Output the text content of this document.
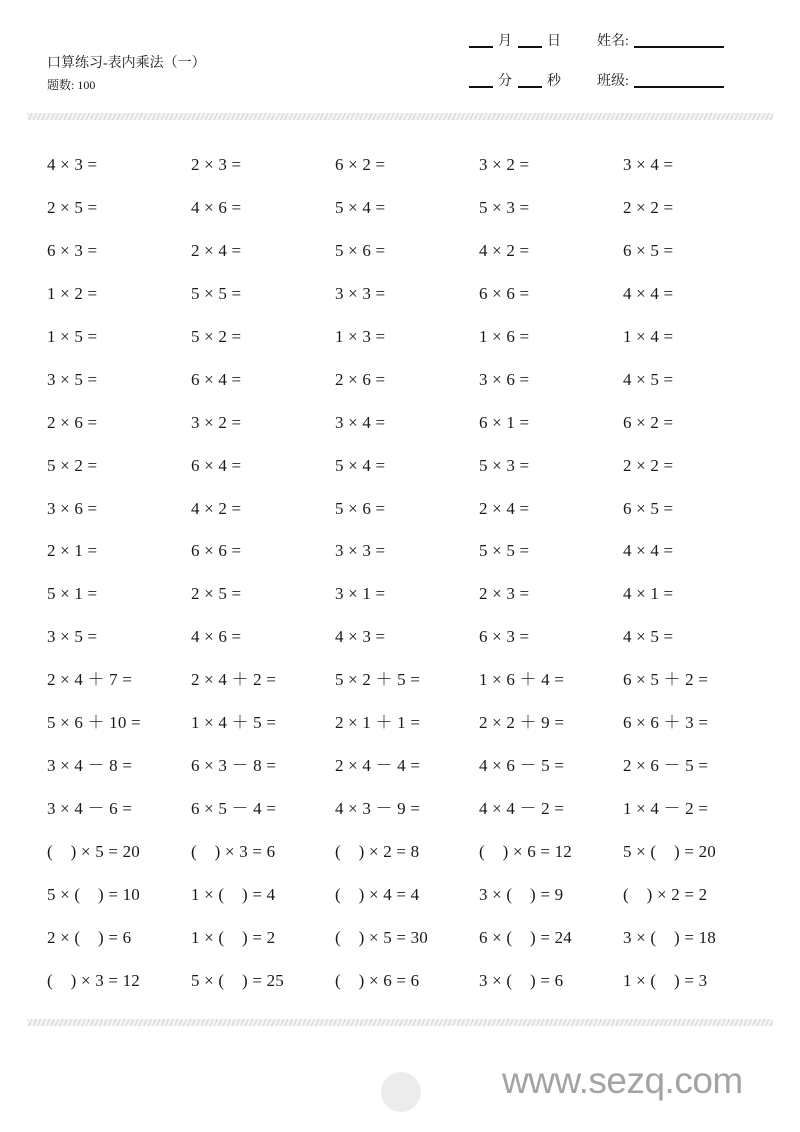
口算练习-表内乘法（一）
题数: 100
月	日	姓名:
分	秒	班级:
4 × 3 =	2 × 3 =	6 × 2 =	3 × 2 =	3 × 4 =
2 × 5 =	4 × 6 =	5 × 4 =	5 × 3 =	2 × 2 =
6 × 3 =	2 × 4 =	5 × 6 =	4 × 2 =	6 × 5 =
1 × 2 =	5 × 5 =	3 × 3 =	6 × 6 =	4 × 4 =
1 × 5 =	5 × 2 =	1 × 3 =	1 × 6 =	1 × 4 =
3 × 5 =	6 × 4 =	2 × 6 =	3 × 6 =	4 × 5 =
2 × 6 =	3 × 2 =	3 × 4 =	6 × 1 =	6 × 2 =
5 × 2 =	6 × 4 =	5 × 4 =	5 × 3 =	2 × 2 =
3 × 6 =	4 × 2 =	5 × 6 =	2 × 4 =	6 × 5 =
2 × 1 =	6 × 6 =	3 × 3 =	5 × 5 =	4 × 4 =
5 × 1 =	2 × 5 =	3 × 1 =	2 × 3 =	4 × 1 =
3 × 5 =	4 × 6 =	4 × 3 =	6 × 3 =	4 × 5 =
2 × 4 ＋ 7 =	2 × 4 ＋ 2 =	5 × 2 ＋ 5 =	1 × 6 ＋ 4 =	6 × 5 ＋ 2 =
5 × 6 ＋ 10 =	1 × 4 ＋ 5 =	2 × 1 ＋ 1 =	2 × 2 ＋ 9 =	6 × 6 ＋ 3 =
3 × 4 － 8 =	6 × 3 － 8 =	2 × 4 － 4 =	4 × 6 － 5 =	2 × 6 － 5 =
3 × 4 － 6 =	6 × 5 － 4 =	4 × 3 － 9 =	4 × 4 － 2 =	1 × 4 － 2 =
(    ) × 5 = 20	(    ) × 3 = 6	(    ) × 2 = 8	(    ) × 6 = 12	5 × (    ) = 20
5 × (    ) = 10	1 × (    ) = 4	(    ) × 4 = 4	3 × (    ) = 9	(    ) × 2 = 2
2 × (    ) = 6	1 × (    ) = 2	(    ) × 5 = 30	6 × (    ) = 24	3 × (    ) = 18
(    ) × 3 = 12	5 × (    ) = 25	(    ) × 6 = 6	3 × (    ) = 6	1 × (    ) = 3
www.sezq.com
